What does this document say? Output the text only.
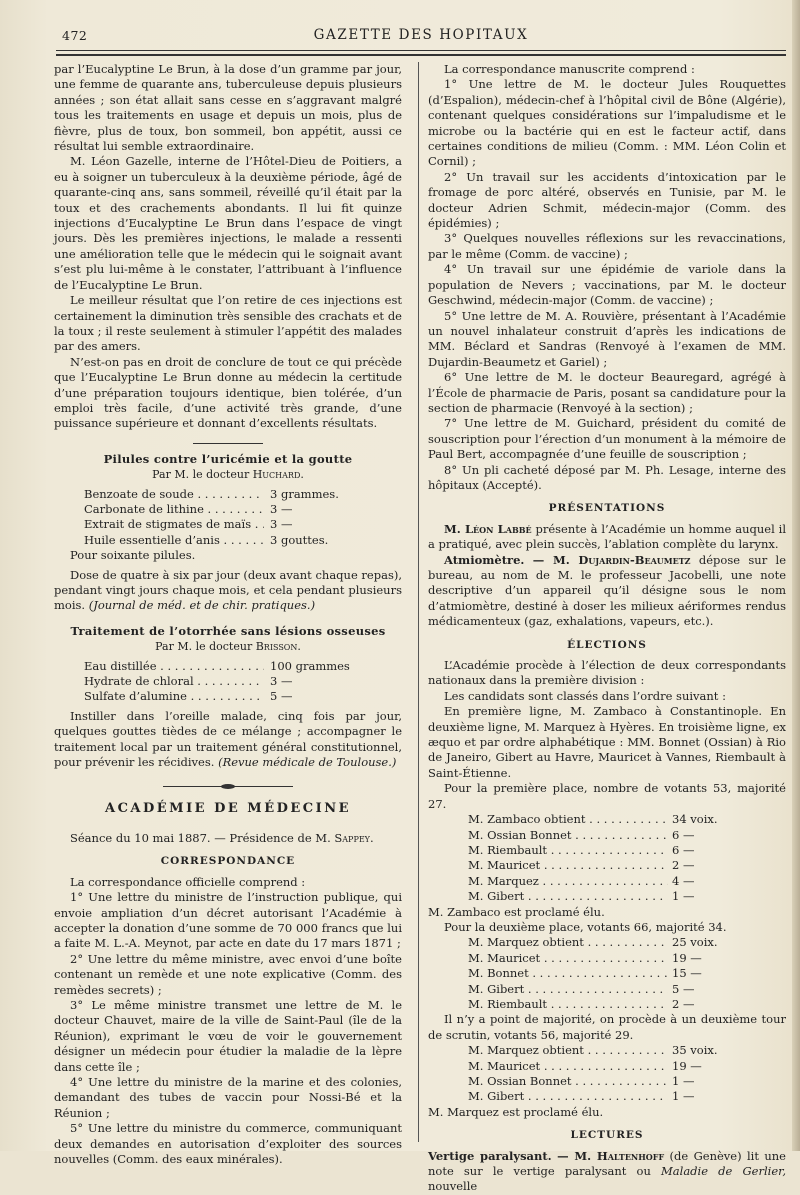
472	GAZETTE DES HOPITAUX

par l’Eucalyptine Le Brun, à la dose d’un gramme par jour, une femme de quarante ans, tuberculeuse depuis plusieurs années ; son état allait sans cesse en s’aggravant malgré tous les traitements en usage et depuis un mois, plus de fièvre, plus de toux, bon sommeil, bon appétit, aussi ce résultat lui semble extraordinaire.

M. Léon Gazelle, interne de l’Hôtel-Dieu de Poitiers, a eu à soigner un tuberculeux à la deuxième période, âgé de quarante-cinq ans, sans sommeil, réveillé qu’il était par la toux et des crachements abondants. Il lui fit quinze injections d’Eucalyptine Le Brun dans l’espace de vingt jours. Dès les premières injections, le malade a ressenti une amélioration telle que le médecin qui le soignait avant s’est plu lui-même à le constater, l’attribuant à l’influence de l’Eucalyptine Le Brun.

Le meilleur résultat que l’on retire de ces injections est certainement la diminution très sensible des crachats et de la toux ; il reste seulement à stimuler l’appétit des malades par des amers.

N’est-on pas en droit de conclure de tout ce qui précède que l’Eucalyptine Le Brun donne au médecin la certitude d’une préparation toujours identique, bien tolérée, d’un emploi très facile, d’une activité très grande, d’une puissance supérieure et donnant d’excellents résultats.

Pilules contre l’uricémie et la goutte
Par M. le docteur Huchard.
Benzoate de soude . . .	3 grammes.
Carbonate de lithine . . .	3 —
Extrait de stigmates de maïs . . .	3 —
Huile essentielle d’anis . . .	3 gouttes.

Pour soixante pilules.

Dose de quatre à six par jour (deux avant chaque repas), pendant vingt jours chaque mois, et cela pendant plusieurs mois. (Journal de méd. et de chir. pratiques.)

Traitement de l’otorrhée sans lésions osseuses
Par M. le docteur Brisson.
Eau distillée . . .	100 grammes
Hydrate de chloral . . .	3 —
Sulfate d’alumine . . .	5 —

Instiller dans l’oreille malade, cinq fois par jour, quelques gouttes tièdes de ce mélange ; accompagner le traitement local par un traitement général constitutionnel, pour prévenir les récidives. (Revue médicale de Toulouse.)

ACADÉMIE DE MÉDECINE

Séance du 10 mai 1887. — Présidence de M. Sappey.

CORRESPONDANCE

La correspondance officielle comprend :

1° Une lettre du ministre de l’instruction publique, qui envoie ampliation d’un décret autorisant l’Académie à accepter la donation d’une somme de 70 000 francs que lui a faite M. L.-A. Meynot, par acte en date du 17 mars 1871 ;

2° Une lettre du même ministre, avec envoi d’une boîte contenant un remède et une note explicative (Comm. des remèdes secrets) ;

3° Le même ministre transmet une lettre de M. le docteur Chauvet, maire de la ville de Saint-Paul (île de la Réunion), exprimant le vœu de voir le gouvernement désigner un médecin pour étudier la maladie de la lèpre dans cette île ;

4° Une lettre du ministre de la marine et des colonies, demandant des tubes de vaccin pour Nossi-Bé et la Réunion ;

5° Une lettre du ministre du commerce, communiquant deux demandes en autorisation d’exploiter des sources nouvelles (Comm. des eaux minérales).

La correspondance manuscrite comprend :

1° Une lettre de M. le docteur Jules Rouquettes (d’Espalion), médecin-chef à l’hôpital civil de Bône (Algérie), contenant quelques considérations sur l’impaludisme et le microbe ou la bactérie qui en est le facteur actif, dans certaines conditions de milieu (Comm. : MM. Léon Colin et Cornil) ;

2° Un travail sur les accidents d’intoxication par le fromage de porc altéré, observés en Tunisie, par M. le docteur Adrien Schmit, médecin-major (Comm. des épidémies) ;

3° Quelques nouvelles réflexions sur les revaccinations, par le même (Comm. de vaccine) ;

4° Un travail sur une épidémie de variole dans la population de Nevers ; vaccinations, par M. le docteur Geschwind, médecin-major (Comm. de vaccine) ;

5° Une lettre de M. A. Rouvière, présentant à l’Académie un nouvel inhalateur construit d’après les indications de MM. Béclard et Sandras (Renvoyé à l’examen de MM. Dujardin-Beaumetz et Gariel) ;

6° Une lettre de M. le docteur Beauregard, agrégé à l’École de pharmacie de Paris, posant sa candidature pour la section de pharmacie (Renvoyé à la section) ;

7° Une lettre de M. Guichard, président du comité de souscription pour l’érection d’un monument à la mémoire de Paul Bert, accompagnée d’une feuille de souscription ;

8° Un pli cacheté déposé par M. Ph. Lesage, interne des hôpitaux (Accepté).

PRÉSENTATIONS

M. Léon Labbé présente à l’Académie un homme auquel il a pratiqué, avec plein succès, l’ablation complète du larynx.

Atmiomètre. — M. Dujardin-Beaumetz dépose sur le bureau, au nom de M. le professeur Jacobelli, une note descriptive d’un appareil qu’il désigne sous le nom d’atmiomètre, destiné à doser les milieux aériformes rendus médicamenteux (gaz, exhalations, vapeurs, etc.).

ÉLECTIONS

L’Académie procède à l’élection de deux correspondants nationaux dans la première division :

Les candidats sont classés dans l’ordre suivant :

En première ligne, M. Zambaco à Constantinople. En deuxième ligne, M. Marquez à Hyères. En troisième ligne, ex æquo et par ordre alphabétique : MM. Bonnet (Ossian) à Rio de Janeiro, Gibert au Havre, Mauricet à Vannes, Riembault à Saint-Étienne.

Pour la première place, nombre de votants 53, majorité 27.

M. Zambaco obtient . . .	34 voix.
M. Ossian Bonnet . . .	6 —
M. Riembault . . .	6 —
M. Mauricet . . .	2 —
M. Marquez . . .	4 —
M. Gibert . . .	1 —

M. Zambaco est proclamé élu.

Pour la deuxième place, votants 66, majorité 34.

M. Marquez obtient . . .	25 voix.
M. Mauricet . . .	19 —
M. Bonnet . . .	15 —
M. Gibert . . .	5 —
M. Riembault . . .	2 —

Il n’y a point de majorité, on procède à un deuxième tour de scrutin, votants 56, majorité 29.

M. Marquez obtient . . .	35 voix.
M. Mauricet . . .	19 —
M. Ossian Bonnet . . .	1 —
M. Gibert . . .	1 —

M. Marquez est proclamé élu.

LECTURES

Vertige paralysant. — M. Haltenhoff (de Genève) lit une note sur le vertige paralysant ou Maladie de Gerlier, nouvelle
